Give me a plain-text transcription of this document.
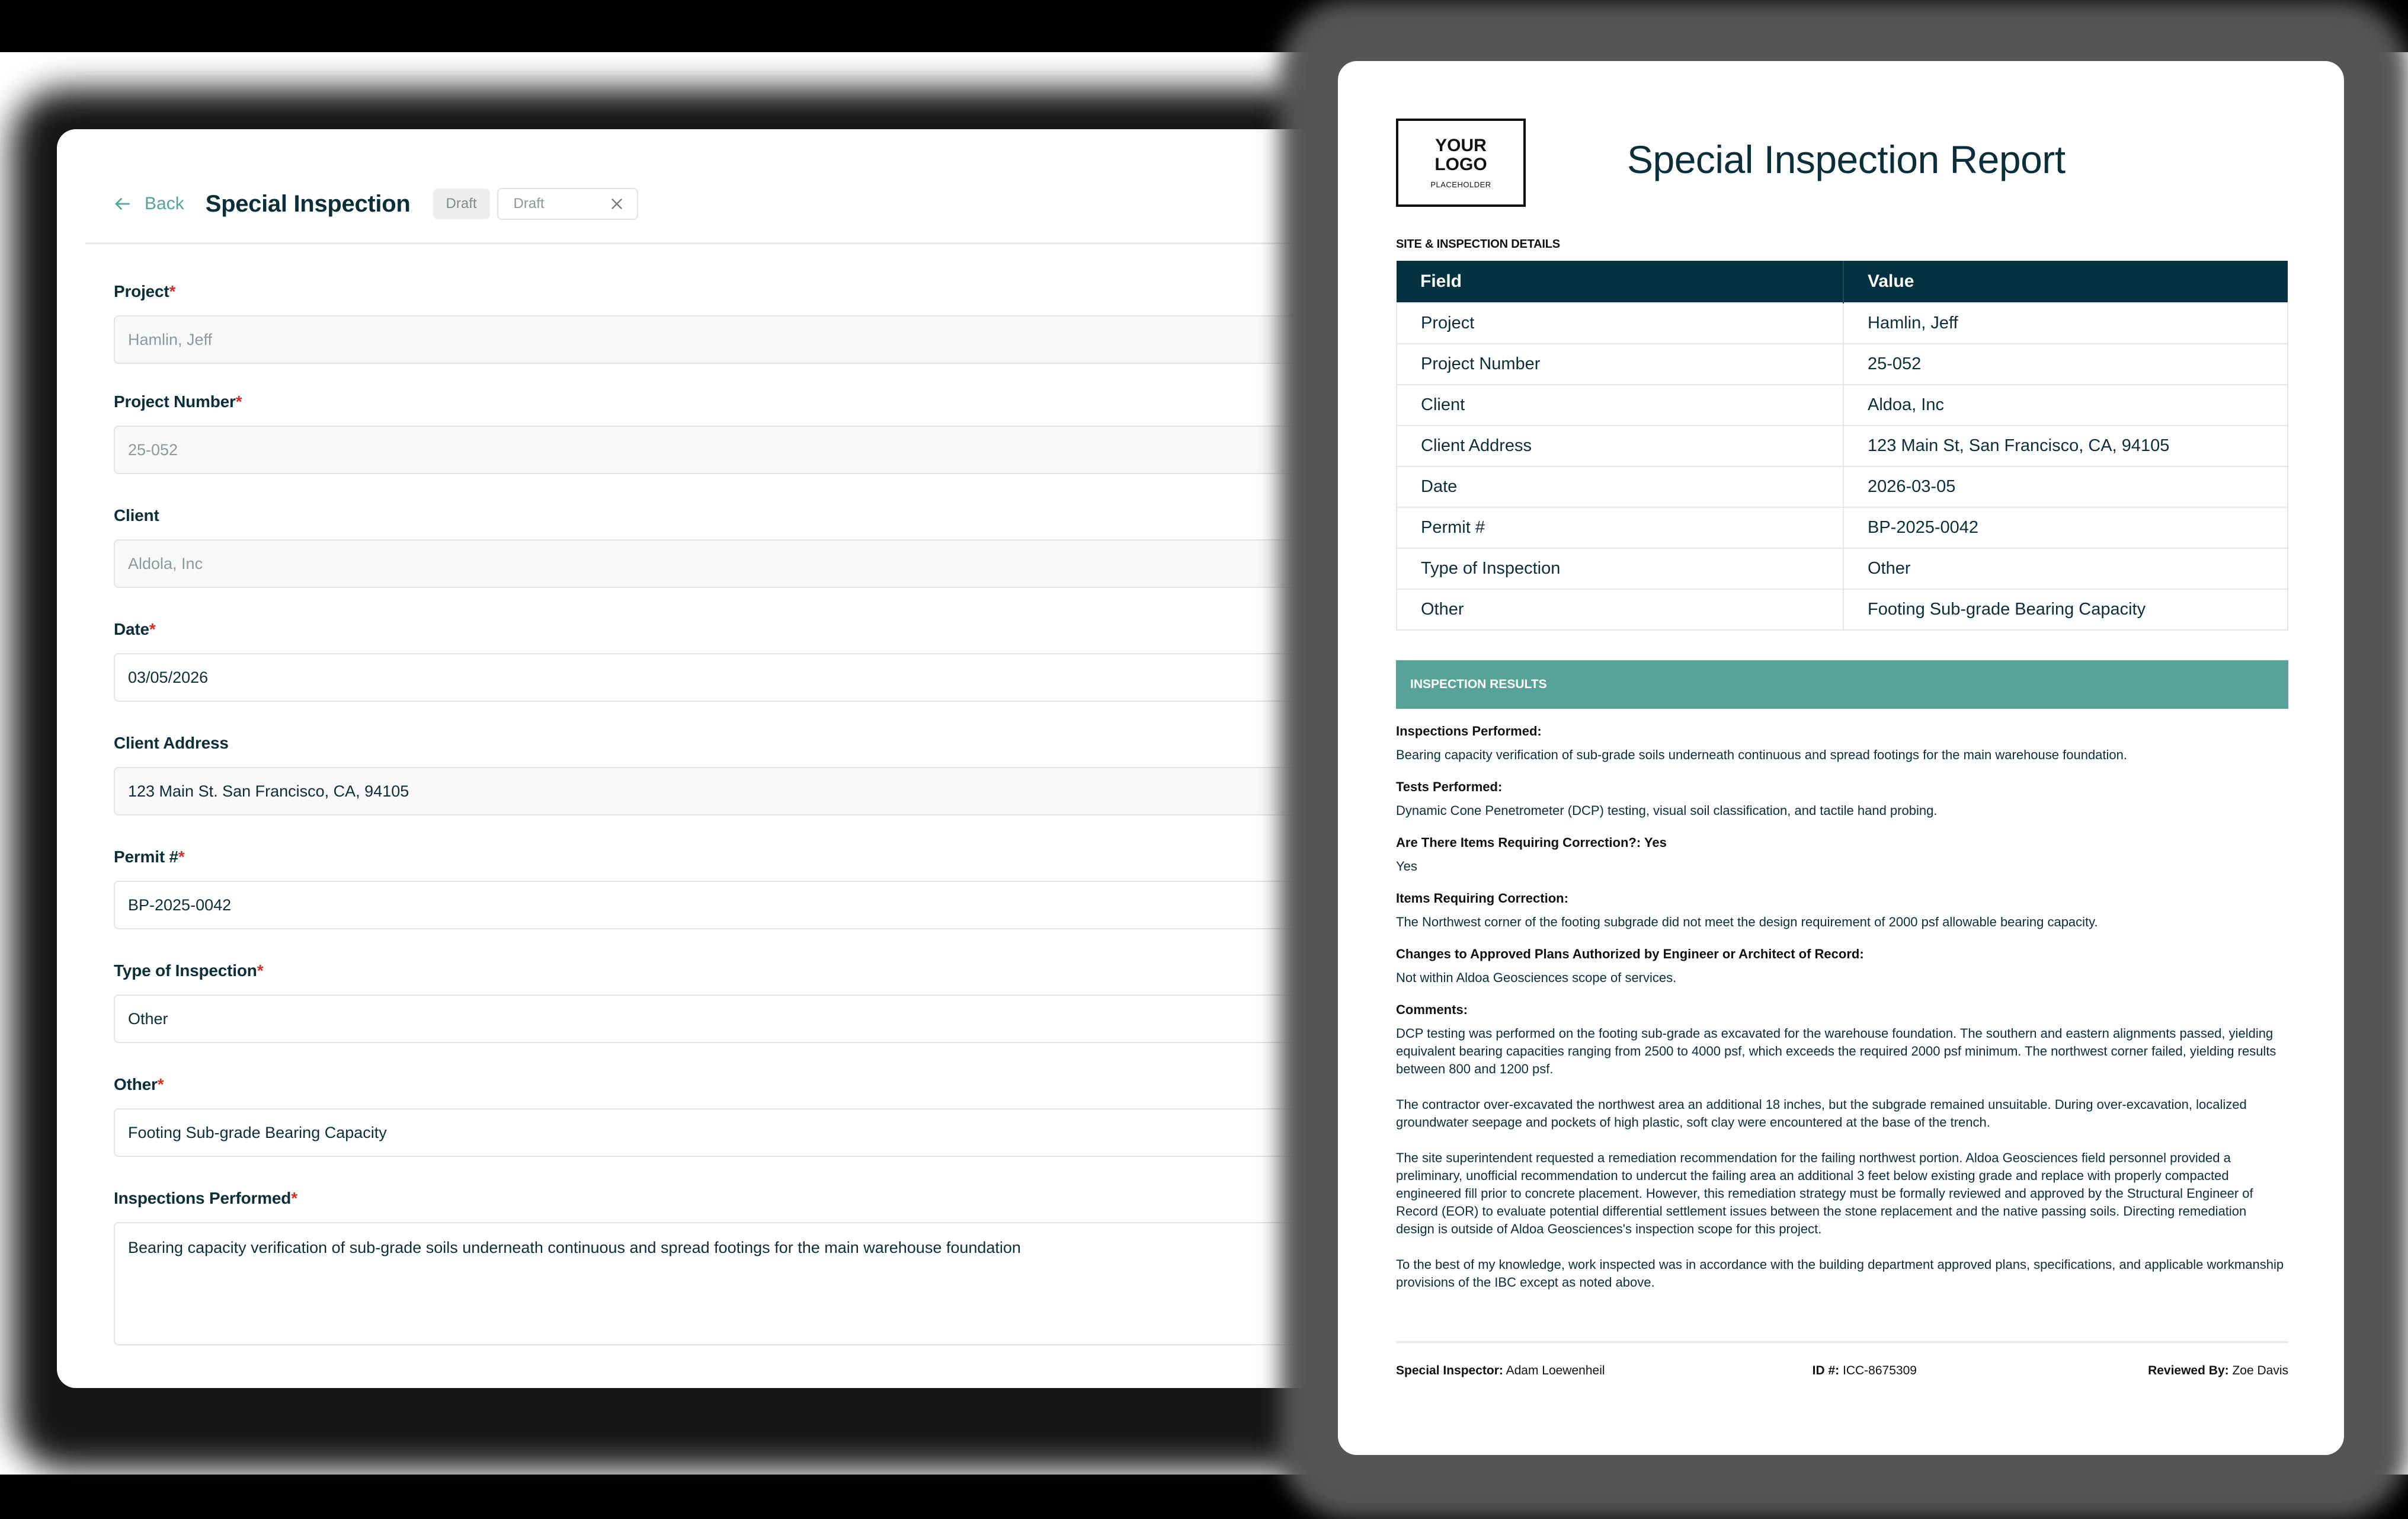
Back Special Inspection	Draft	Draft
Project*
Hamlin, Jeff
Project Number*
25-052
Client
Aldola, Inc
Date*
03/05/2026
Client Address
123 Main St. San Francisco, CA, 94105
Permit #*
BP-2025-0042
Type of Inspection*
Other
Other*
Footing Sub-grade Bearing Capacity
Inspections Performed*
Bearing capacity verification of sub-grade soils underneath continuous and spread footings for the main warehouse foundation
YOUR
LOGO
PLACEHOLDER
Special Inspection Report
SITE & INSPECTION DETAILS
Field	Value
Project	Hamlin, Jeff
Project Number	25-052
Client	Aldoa, Inc
Client Address	123 Main St, San Francisco, CA, 94105
Date	2026-03-05
Permit #	BP-2025-0042
Type of Inspection	Other
Other	Footing Sub-grade Bearing Capacity
INSPECTION RESULTS
Inspections Performed:
Bearing capacity verification of sub-grade soils underneath continuous and spread footings for the main warehouse foundation.
Tests Performed:
Dynamic Cone Penetrometer (DCP) testing, visual soil classification, and tactile hand probing.
Are There Items Requiring Correction?: Yes
Yes
Items Requiring Correction:
The Northwest corner of the footing subgrade did not meet the design requirement of 2000 psf allowable bearing capacity.
Changes to Approved Plans Authorized by Engineer or Architect of Record:
Not within Aldoa Geosciences scope of services.
Comments:
DCP testing was performed on the footing sub-grade as excavated for the warehouse foundation. The southern and eastern alignments passed, yielding equivalent bearing capacities ranging from 2500 to 4000 psf, which exceeds the required 2000 psf minimum. The northwest corner failed, yielding results between 800 and 1200 psf.
The contractor over-excavated the northwest area an additional 18 inches, but the subgrade remained unsuitable. During over-excavation, localized groundwater seepage and pockets of high plastic, soft clay were encountered at the base of the trench.
The site superintendent requested a remediation recommendation for the failing northwest portion. Aldoa Geosciences field personnel provided a preliminary, unofficial recommendation to undercut the failing area an additional 3 feet below existing grade and replace with properly compacted engineered fill prior to concrete placement. However, this remediation strategy must be formally reviewed and approved by the Structural Engineer of Record (EOR) to evaluate potential differential settlement issues between the stone replacement and the native passing soils. Directing remediation design is outside of Aldoa Geosciences's inspection scope for this project.
To the best of my knowledge, work inspected was in accordance with the building department approved plans, specifications, and applicable workmanship provisions of the IBC except as noted above.
Special Inspector: Adam Loewenheil	ID #: ICC-8675309	Reviewed By: Zoe Davis
